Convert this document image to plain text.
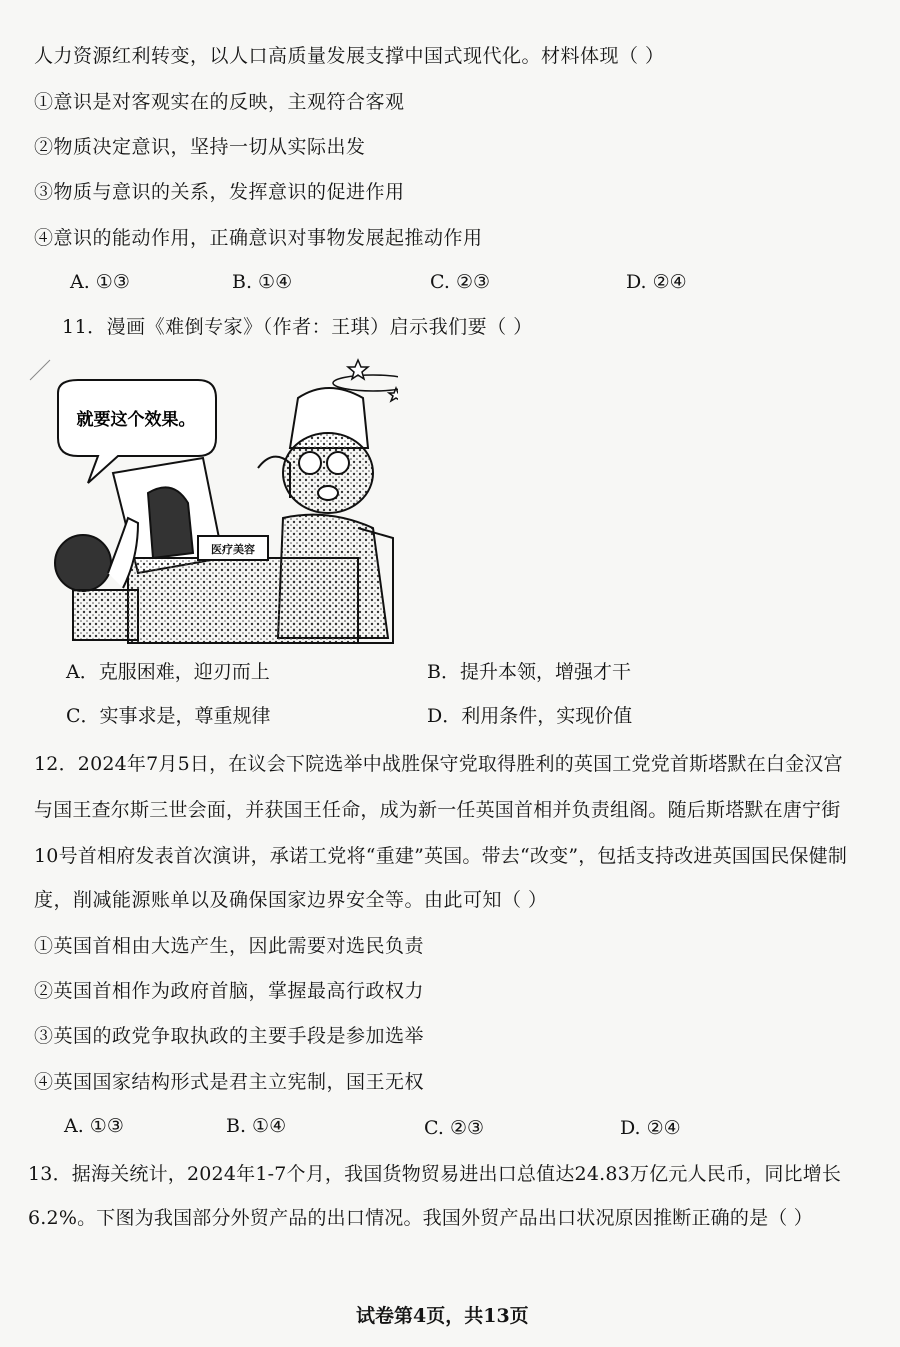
人力资源红利转变，以人口高质量发展支撑中国式现代化。材料体现（ ）
①意识是对客观实在的反映，主观符合客观
②物质决定意识，坚持一切从实际出发
③物质与意识的关系，发挥意识的促进作用
④意识的能动作用，正确意识对事物发展起推动作用
A. ①③	B. ①④	C. ②③	D. ②④
11．漫画《难倒专家》（作者：王琪）启示我们要（ ）
就要这个效果。
医疗美容
A．克服困难，迎刃而上	B．提升本领，增强才干
C．实事求是，尊重规律	D．利用条件，实现价值
12．2024年7月5日，在议会下院选举中战胜保守党取得胜利的英国工党党首斯塔默在白金汉宫
与国王查尔斯三世会面，并获国王任命，成为新一任英国首相并负责组阁。随后斯塔默在唐宁街
10号首相府发表首次演讲，承诺工党将“重建”英国。带去“改变”，包括支持改进英国国民保健制
度，削减能源账单以及确保国家边界安全等。由此可知（ ）
①英国首相由大选产生，因此需要对选民负责
②英国首相作为政府首脑，掌握最高行政权力
③英国的政党争取执政的主要手段是参加选举
④英国国家结构形式是君主立宪制，国王无权
A. ①③	B. ①④	C. ②③	D. ②④
13．据海关统计，2024年1-7个月，我国货物贸易进出口总值达24.83万亿元人民币，同比增长
6.2%。下图为我国部分外贸产品的出口情况。我国外贸产品出口状况原因推断正确的是（ ）
试卷第4页，共13页
